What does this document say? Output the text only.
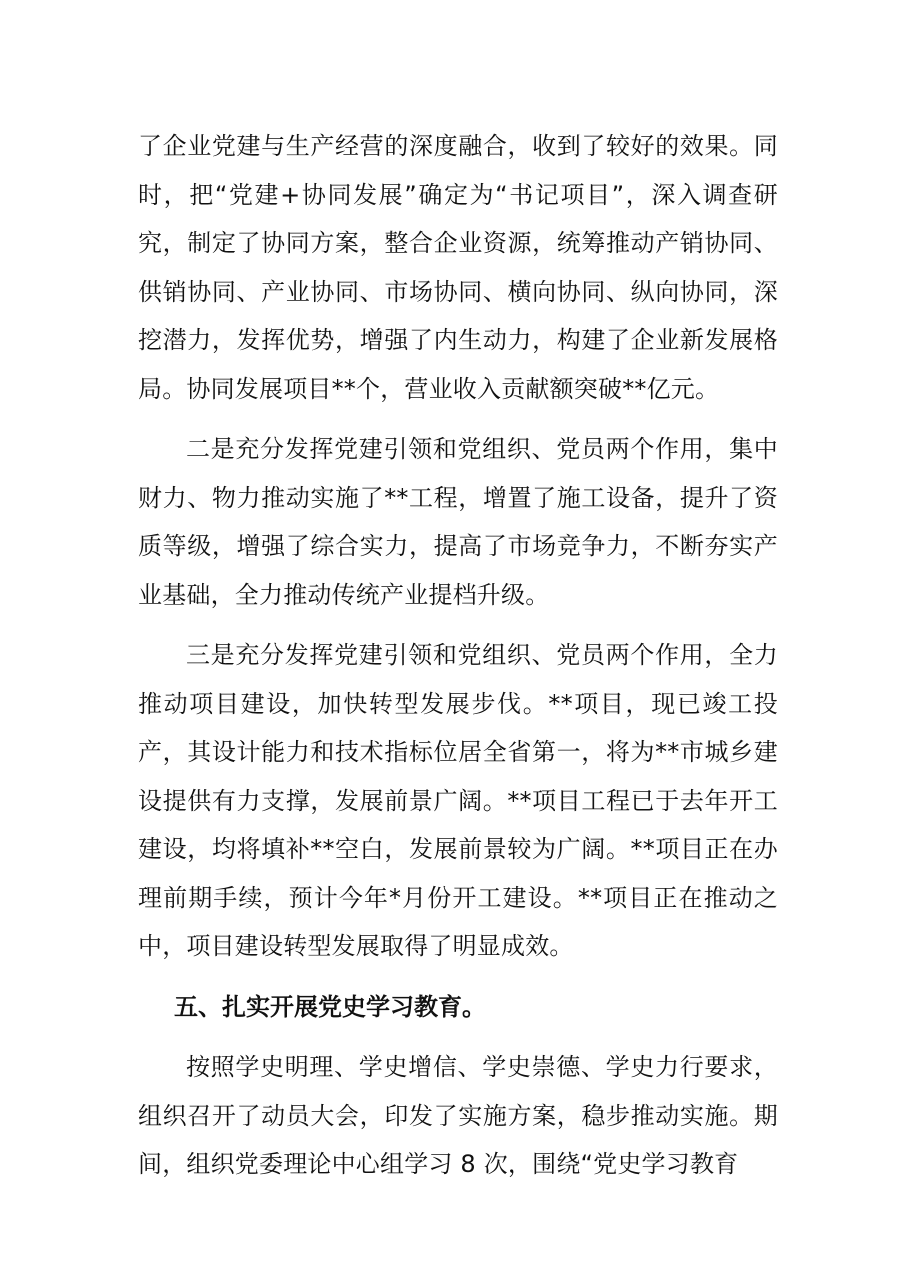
了企业党建与生产经营的深度融合，收到了较好的效果。同时，把“党建+协同发展”确定为“书记项目”，深入调查研究，制定了协同方案，整合企业资源，统筹推动产销协同、供销协同、产业协同、市场协同、横向协同、纵向协同，深挖潜力，发挥优势，增强了内生动力，构建了企业新发展格局。协同发展项目**个，营业收入贡献额突破**亿元。

二是充分发挥党建引领和党组织、党员两个作用，集中财力、物力推动实施了**工程，增置了施工设备，提升了资质等级，增强了综合实力，提高了市场竞争力，不断夯实产业基础，全力推动传统产业提档升级。

三是充分发挥党建引领和党组织、党员两个作用，全力推动项目建设，加快转型发展步伐。**项目，现已竣工投产，其设计能力和技术指标位居全省第一，将为**市城乡建设提供有力支撑，发展前景广阔。**项目工程已于去年开工建设，均将填补**空白，发展前景较为广阔。**项目正在办理前期手续，预计今年*月份开工建设。**项目正在推动之中，项目建设转型发展取得了明显成效。

五、扎实开展党史学习教育。

按照学史明理、学史增信、学史崇德、学史力行要求，组织召开了动员大会，印发了实施方案，稳步推动实施。期间，组织党委理论中心组学习 8 次，围绕“党史学习教育
